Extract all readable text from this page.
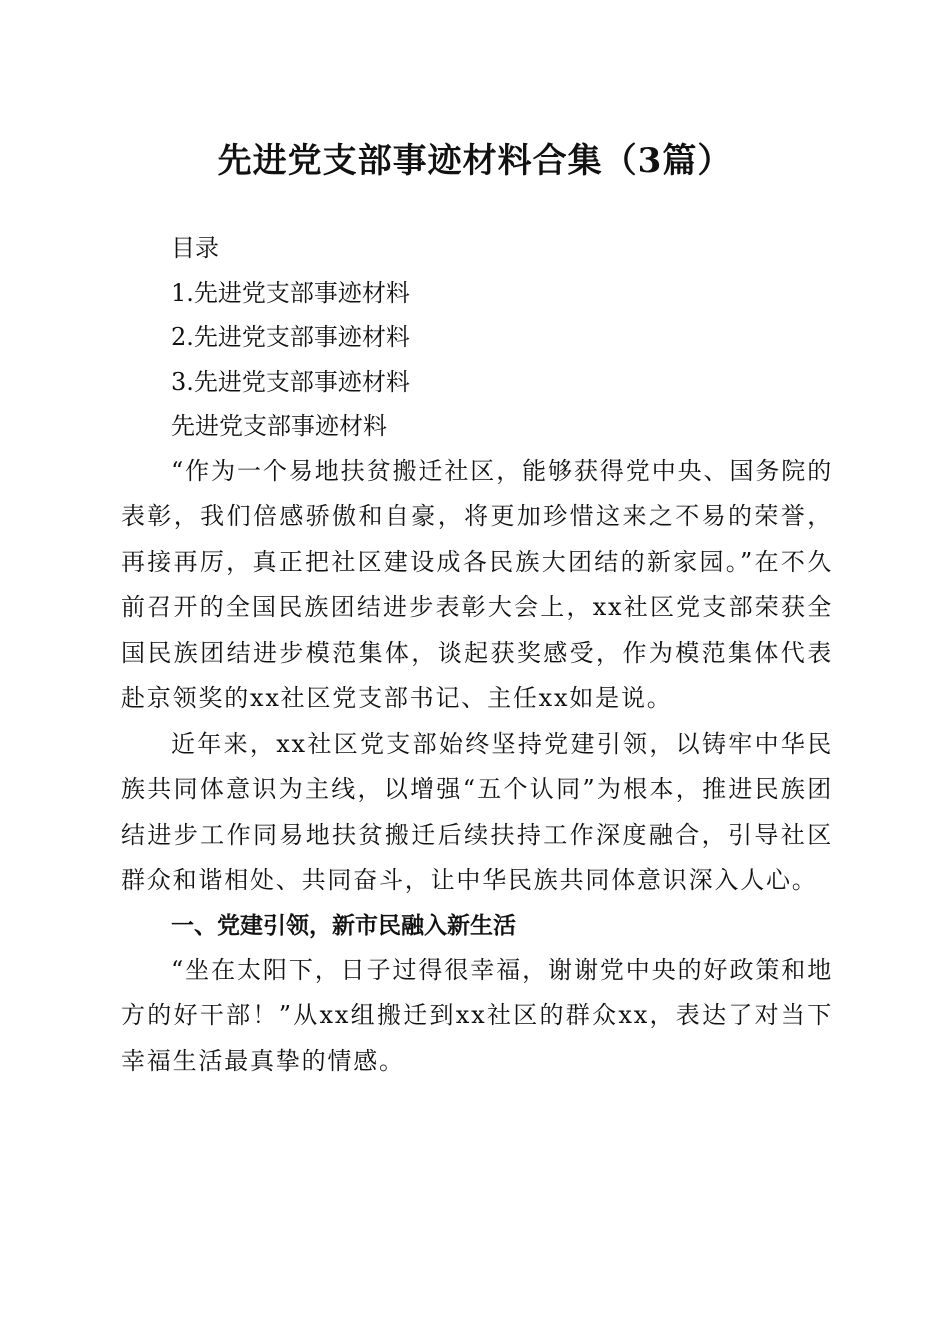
先进党支部事迹材料合集（3篇）
目录
1.先进党支部事迹材料
2.先进党支部事迹材料
3.先进党支部事迹材料
先进党支部事迹材料

“作为一个易地扶贫搬迁社区，能够获得党中央、国务院的表彰，我们倍感骄傲和自豪，将更加珍惜这来之不易的荣誉，再接再厉，真正把社区建设成各民族大团结的新家园。”在不久前召开的全国民族团结进步表彰大会上，xx社区党支部荣获全国民族团结进步模范集体，谈起获奖感受，作为模范集体代表赴京领奖的xx社区党支部书记、主任xx如是说。

近年来，xx社区党支部始终坚持党建引领，以铸牢中华民族共同体意识为主线，以增强“五个认同”为根本，推进民族团结进步工作同易地扶贫搬迁后续扶持工作深度融合，引导社区群众和谐相处、共同奋斗，让中华民族共同体意识深入人心。

一、党建引领，新市民融入新生活

“坐在太阳下，日子过得很幸福，谢谢党中央的好政策和地方的好干部！”从xx组搬迁到xx社区的群众xx，表达了对当下幸福生活最真挚的情感。
